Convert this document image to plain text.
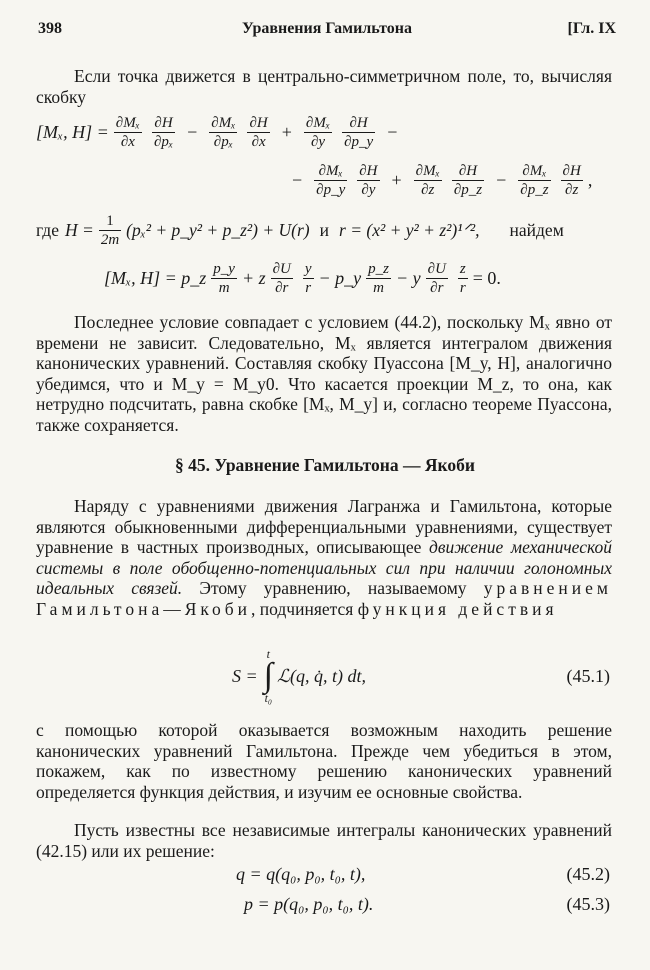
398	Уравнения Гамильтона	[Гл. IX
Если точка движется в центрально-симметричном поле, то, вычисляя скобку
[Mₓ, $H] = \frac{\text{∂Mₓ}}{\partial x} \frac{\partial H}{\text{∂pₓ}} - \frac{\text{∂Mₓ}}{\text{∂pₓ}} \frac{\partial H}{\partial x} + \frac{\text{∂Mₓ}}{\partial y} \frac{\partial H}{\partial p\_y}$ −
− $\frac{\text{∂Mₓ}}{\partial p\_y} \frac{\partial H}{\partial y} + \frac{\text{∂Mₓ}}{\partial z} \frac{\partial H}{\partial p\_z} - \frac{\text{∂Mₓ}}{\partial p\_z} \frac{\partial H}{\partial z}$ ,
где $H = \frac{1}{2m} (p_x^2$ + p_y² + p_z²) + U(r) и r = (x² + y² + z²)¹ᐟ², найдем
[Mₓ, H] = p_z $\frac{p\_y}{m} + z \frac{\partial U}{\partial r} \frac{y}{r}$ − p_y $\frac{p\_z}{m} - y \frac{\partial U}{\partial r} \frac{z}{r} = 0$.
Последнее условие совпадает с условием (44.2), поскольку Mₓ явно от времени не зависит. Следовательно, Mₓ является интегралом движения канонических уравнений. Составляя скобку Пуассона [M_y, H], аналогично убедимся, что и M_y = M_y0. Что касается проекции M_z, то она, как нетрудно подсчитать, равна скобке [Mₓ, M_y] и, согласно теореме Пуассона, также сохраняется.
§ 45. Уравнение Гамильтона — Якоби
Наряду с уравнениями движения Лагранжа и Гамильтона, которые являются обыкновенными дифференциальными уравнениями, существует уравнение в частных производных, описывающее движение механической системы в поле обобщенно-потенциальных сил при наличии голономных идеальных связей. Этому уравнению, называемому уравнением Гамильтона—Якоби, подчиняется функция действия
S =
t
∫
t₀
ℒ(q, q̇, t) dt,	(45.1)
с помощью которой оказывается возможным находить решение канонических уравнений Гамильтона. Прежде чем убедиться в этом, покажем, как по известному решению канонических уравнений определяется функция действия, и изучим ее основные свойства.
Пусть известны все независимые интегралы канонических уравнений (42.15) или их решение:
q = q(q₀, p₀, t₀, t),	(45.2)
p = p(q₀, p₀, t₀, t).	(45.3)
